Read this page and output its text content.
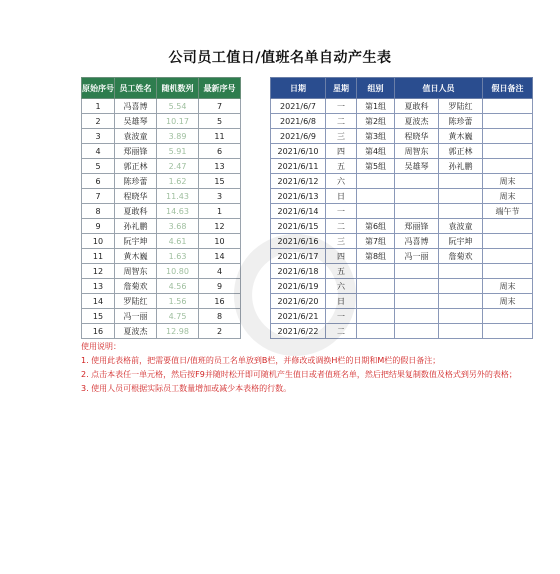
公司员工值日/值班名单自动产生表
原始序号	员工姓名	随机数列	最新序号
1	冯喜博	5.54	7
2	吴雄琴	10.17	5
3	袁波童	3.89	11
4	郑丽锋	5.91	6
5	郭正林	2.47	13
6	陈珍蕾	1.62	15
7	程晓华	11.43	3
8	夏敢科	14.63	1
9	孙礼鹏	3.68	12
10	阮宇坤	4.61	10
11	黄木巍	1.63	14
12	周智东	10.80	4
13	詹菊欢	4.56	9
14	罗陆红	1.56	16
15	冯一丽	4.75	8
16	夏波杰	12.98	2
日期	星期	组别	值日人员		假日备注
2021/6/7	一	第1组	夏敢科	罗陆红	
2021/6/8	二	第2组	夏波杰	陈珍蕾	
2021/6/9	三	第3组	程晓华	黄木巍	
2021/6/10	四	第4组	周智东	郭正林	
2021/6/11	五	第5组	吴雄琴	孙礼鹏	
2021/6/12	六				周末
2021/6/13	日				周末
2021/6/14	一				端午节
2021/6/15	二	第6组	郑丽锋	袁波童	
2021/6/16	三	第7组	冯喜博	阮宇坤	
2021/6/17	四	第8组	冯一丽	詹菊欢	
2021/6/18	五				
2021/6/19	六				周末
2021/6/20	日				周末
2021/6/21	一				
2021/6/22	二				
使用说明：
1. 使用此表格前，把需要值日/值班的员工名单放到B栏，并修改或调换H栏的日期和M栏的假日备注；
2. 点击本表任一单元格，然后按F9并随时松开即可随机产生值日或者值班名单，然后把结果复制数值及格式到另外的表格；
3. 使用人员可根据实际员工数量增加或减少本表格的行数。
